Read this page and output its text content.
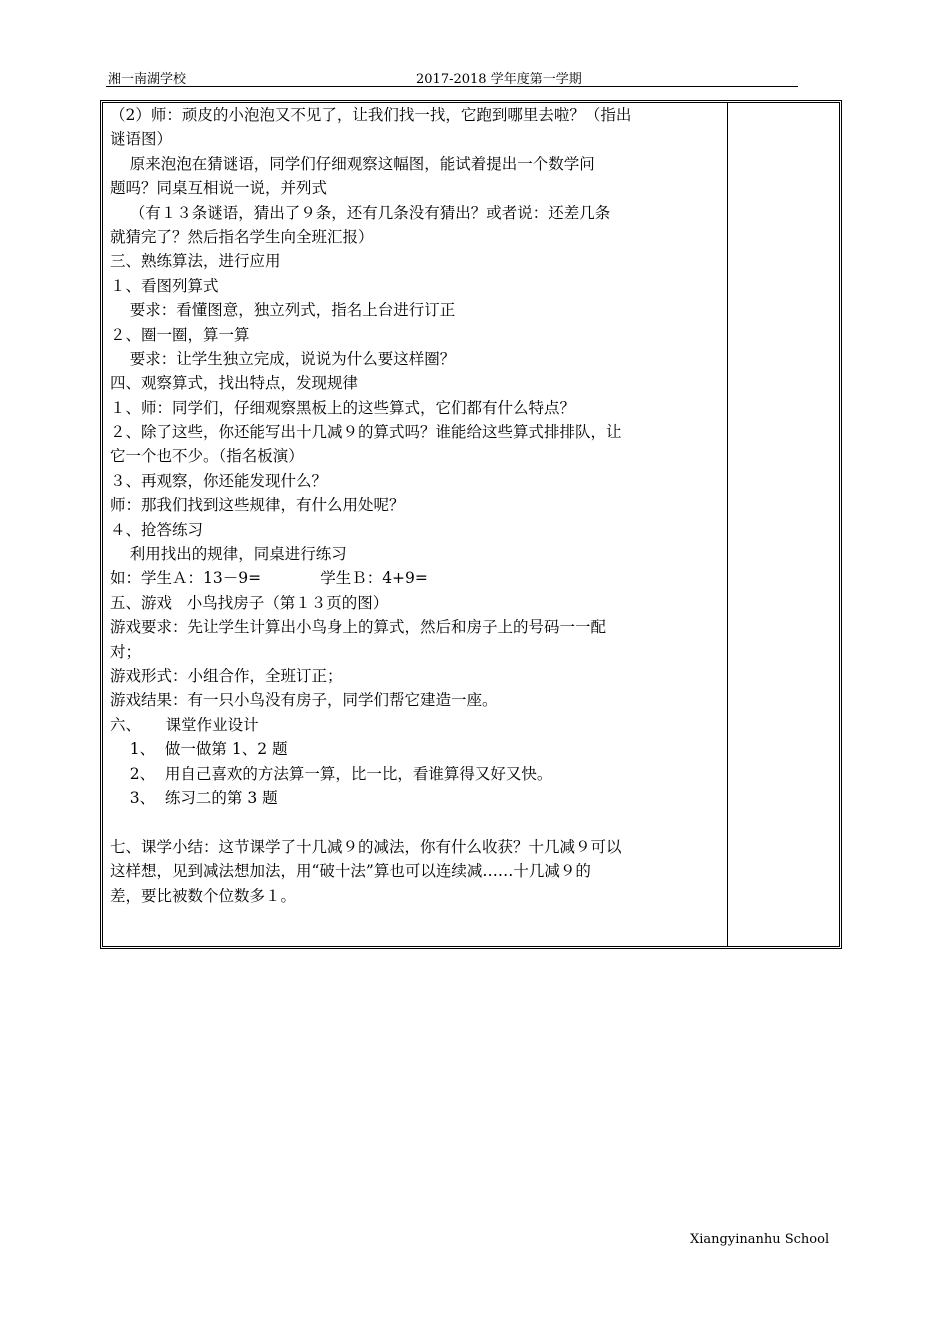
湘一南湖学校	2017-2018 学年度第一学期
（2）师：顽皮的小泡泡又不见了，让我们找一找，它跑到哪里去啦？（指出
谜语图）
原来泡泡在猜谜语，同学们仔细观察这幅图，能试着提出一个数学问
题吗？同桌互相说一说，并列式
（有１３条谜语，猜出了９条，还有几条没有猜出？或者说：还差几条
就猜完了？然后指名学生向全班汇报）
三、熟练算法，进行应用
１、看图列算式
要求：看懂图意，独立列式，指名上台进行订正
２、圈一圈，算一算
要求：让学生独立完成，说说为什么要这样圈？
四、观察算式，找出特点，发现规律
１、师：同学们，仔细观察黑板上的这些算式，它们都有什么特点？
２、除了这些，你还能写出十几减９的算式吗？谁能给这些算式排排队，让
它一个也不少。（指名板演）
３、再观察，你还能发现什么？
师：那我们找到这些规律，有什么用处呢？
４、抢答练习
利用找出的规律，同桌进行练习
如：学生Ａ：13－9=            学生Ｂ：4+9=
五、游戏   小鸟找房子（第１３页的图）
游戏要求：先让学生计算出小鸟身上的算式，然后和房子上的号码一一配
对；
游戏形式：小组合作，全班订正；
游戏结果：有一只小鸟没有房子，同学们帮它建造一座。
六、     课堂作业设计
1、  做一做第 1、2 题
2、  用自己喜欢的方法算一算，比一比，看谁算得又好又快。
3、  练习二的第 3 题
七、课学小结：这节课学了十几减９的减法，你有什么收获？十几减９可以
这样想，见到减法想加法，用“破十法”算也可以连续减……十几减９的
差，要比被数个位数多１。
Xiangyinanhu School
